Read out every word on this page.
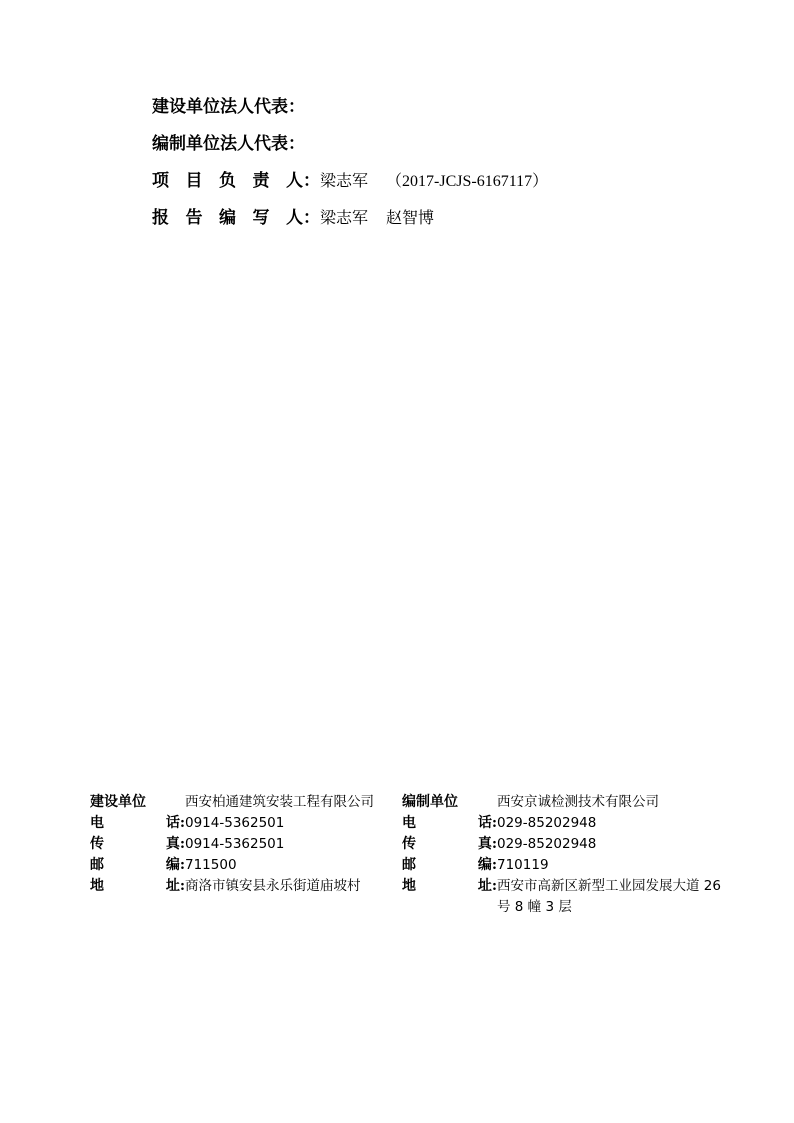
建设单位法人代表：
编制单位法人代表：
项 目 负 责 人： 梁志军 （2017-JCJS-6167117）
报 告 编 写 人： 梁志军 赵智博
建设单位	西安柏通建筑安装工程有限公司	编制单位	西安京诚检测技术有限公司
电	话: 0914-5362501	电	话: 029-85202948
传	真: 0914-5362501	传	真: 029-85202948
邮	编: 711500	邮	编: 710119
地	址: 商洛市镇安县永乐街道庙坡村	地	址: 西安市高新区新型工业园发展大道 26 号 8 幢 3 层
